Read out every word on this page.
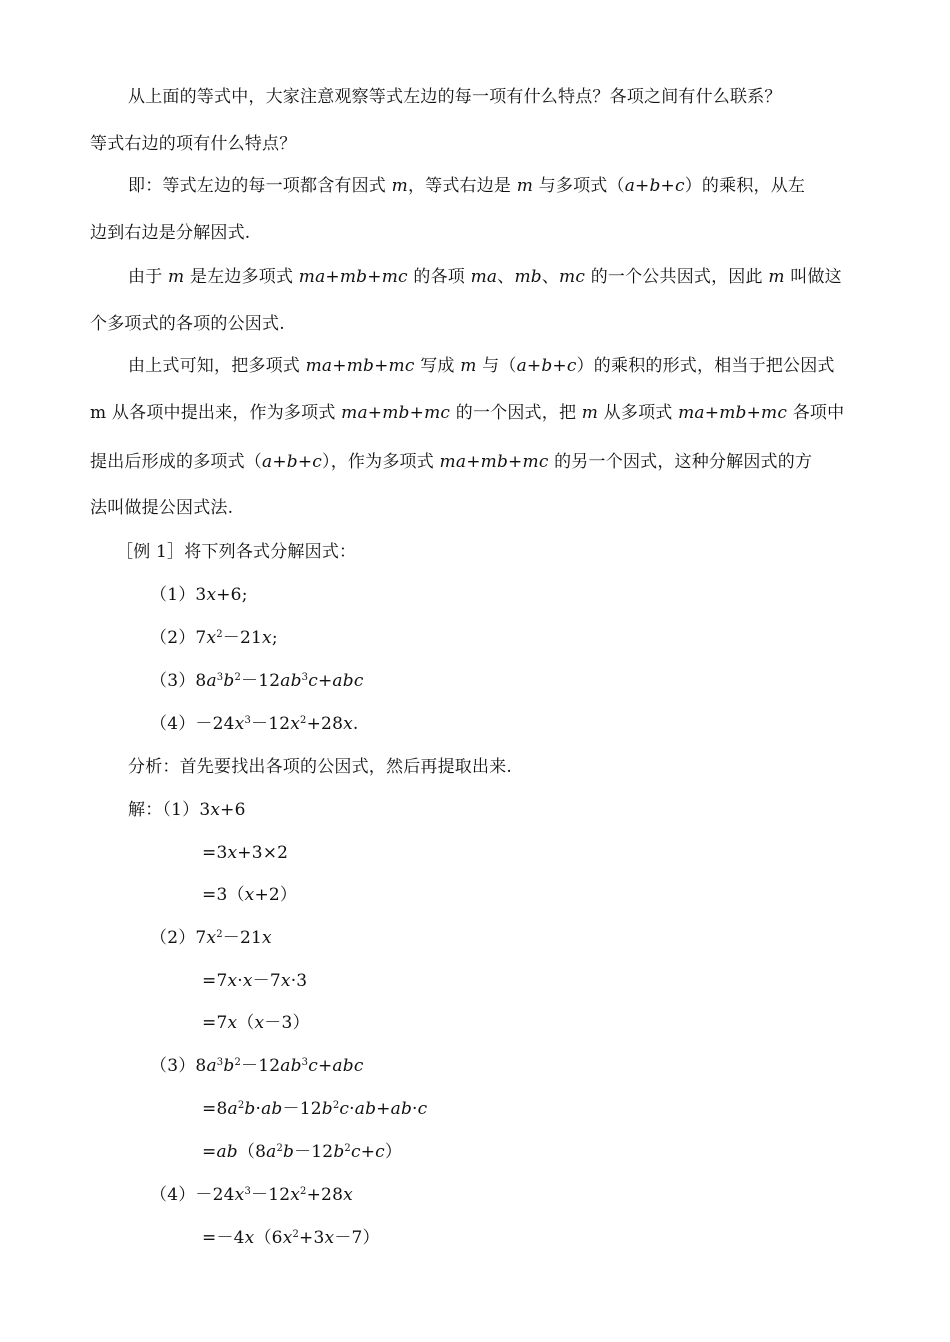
从上面的等式中，大家注意观察等式左边的每一项有什么特点？各项之间有什么联系？
等式右边的项有什么特点？
即：等式左边的每一项都含有因式 m，等式右边是 m 与多项式（a+b+c）的乘积，从左
边到右边是分解因式.
由于 m 是左边多项式 ma+mb+mc 的各项 ma、mb、mc 的一个公共因式，因此 m 叫做这
个多项式的各项的公因式.
由上式可知，把多项式 ma+mb+mc 写成 m 与（a+b+c）的乘积的形式，相当于把公因式
m 从各项中提出来，作为多项式 ma+mb+mc 的一个因式，把 m 从多项式 ma+mb+mc 各项中
提出后形成的多项式（a+b+c），作为多项式 ma+mb+mc 的另一个因式，这种分解因式的方
法叫做提公因式法.
［例 1］将下列各式分解因式：
（1）3x+6;
$(2)7x^2-21x$;
$(3)8a^3b^2-12ab^3c+abc$
$(4)-24x^3-12x^2+28x$.
分析：首先要找出各项的公因式，然后再提取出来.
解：（1）3x+6
=3x+3×2
=3（x+2）
$(2)7x^2-21x$
=7x·x－7x·3
=7x（x－3）
$(3)8a^3b^2-12ab^3c+abc$
$=8a^2b\cdot ab-12b^2c\cdot ab+ab\cdot c$
$=ab(8a^2b-12b^2c+c)$
$(4)-24x^3-12x^2+28x$
$=-4x(6x^2+3x-7)$
